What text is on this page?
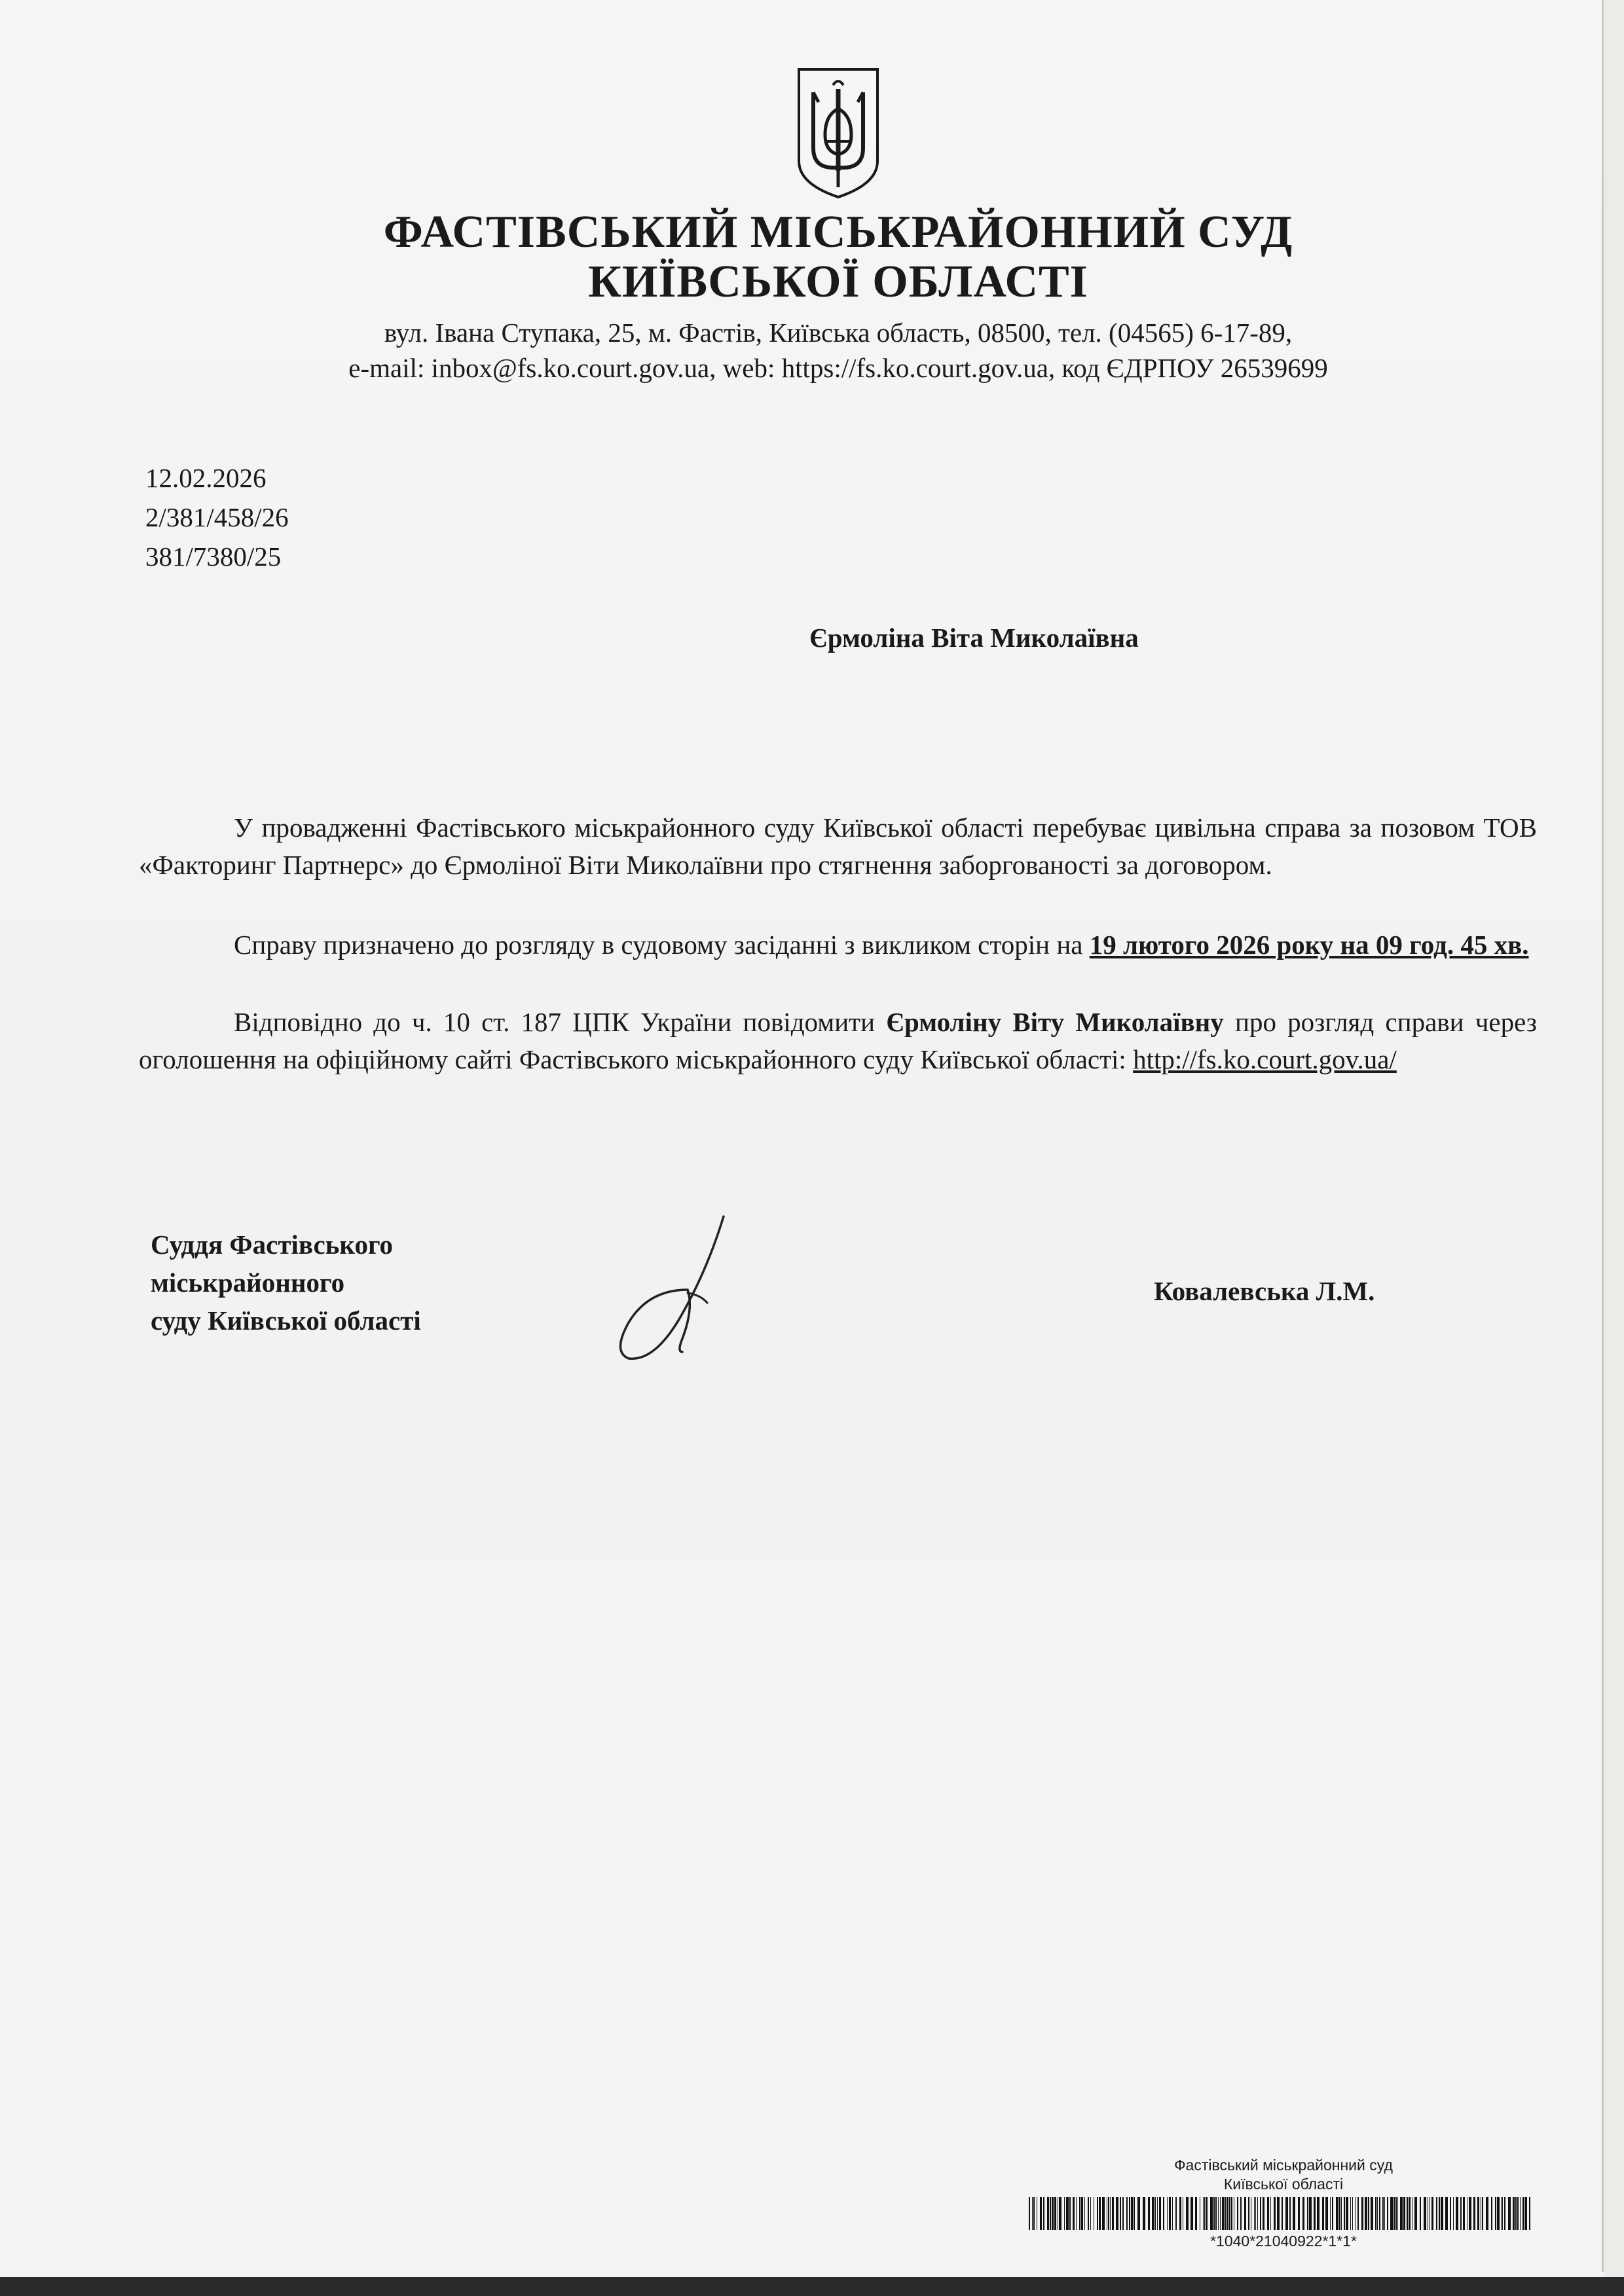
ФАСТІВСЬКИЙ МІСЬКРАЙОННИЙ СУД
КИЇВСЬКОЇ ОБЛАСТІ
вул. Івана Ступака, 25, м. Фастів, Київська область, 08500, тел. (04565) 6-17-89,
e-mail: inbox@fs.ko.court.gov.ua, web: https://fs.ko.court.gov.ua, код ЄДРПОУ 26539699
12.02.2026
2/381/458/26
381/7380/25
Єрмоліна Віта Миколаївна

У провадженні Фастівського міськрайонного суду Київської області перебуває цивільна справа за позовом ТОВ «Факторинг Партнерс» до Єрмоліної Віти Миколаївни про стягнення заборгованості за договором.

Справу призначено до розгляду в судовому засіданні з викликом сторін на 19 лютого 2026 року на 09 год. 45 хв.

Відповідно до ч. 10 ст. 187 ЦПК України повідомити Єрмоліну Віту Миколаївну про розгляд справи через оголошення на офіційному сайті Фастівського міськрайонного суду Київської області: http://fs.ko.court.gov.ua/

Суддя Фастівського
міськрайонного
суду Київської області
Ковалевська Л.М.
Фастівський міськрайонний суд
Київської області
*1040*21040922*1*1*
